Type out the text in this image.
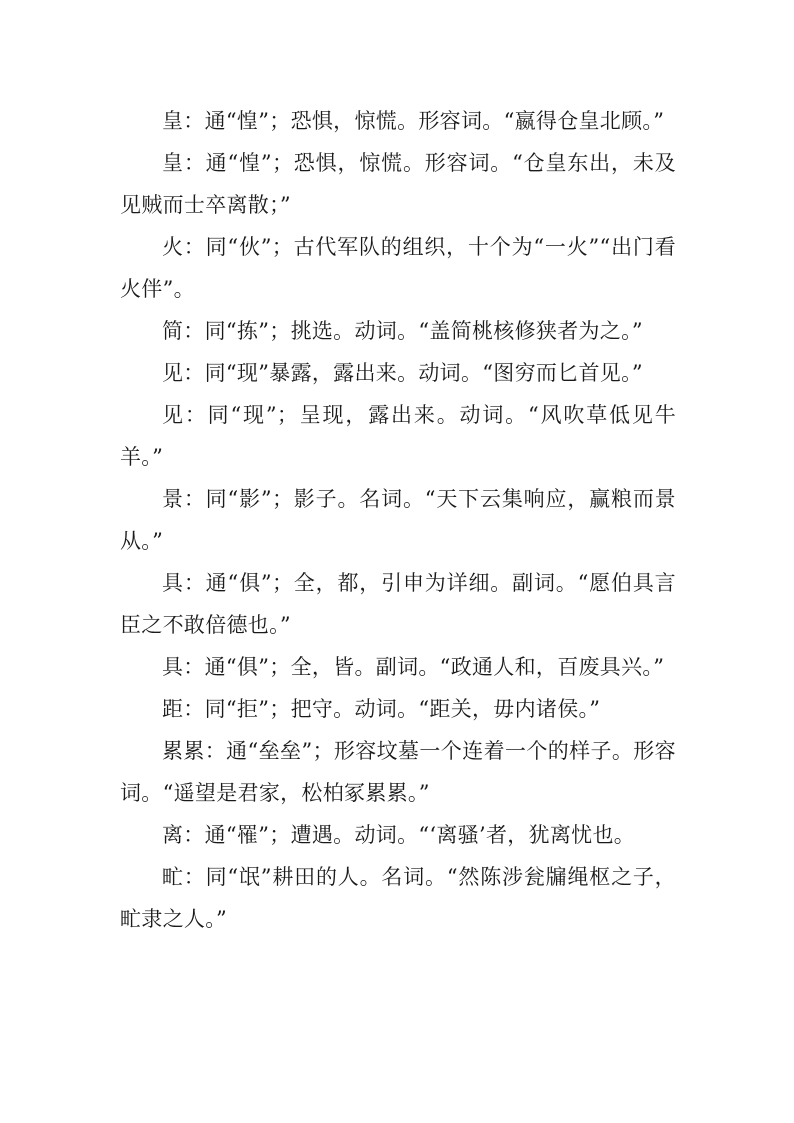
皇：通“惶”；恐惧，惊慌。形容词。“嬴得仓皇北顾。”

皇：通“惶”；恐惧，惊慌。形容词。“仓皇东出，未及见贼而士卒离散；”

火：同“伙”；古代军队的组织，十个为“一火”“出门看火伴”。

简：同“拣”；挑选。动词。“盖简桃核修狭者为之。”

见：同“现”暴露，露出来。动词。“图穷而匕首见。”

见：同“现”；呈现，露出来。动词。“风吹草低见牛羊。”

景：同“影”；影子。名词。“天下云集响应，赢粮而景从。”

具：通“俱”；全，都，引申为详细。副词。“愿伯具言臣之不敢倍德也。”

具：通“俱”；全，皆。副词。“政通人和，百废具兴。”

距：同“拒”；把守。动词。“距关，毋内诸侯。”

累累：通“垒垒”；形容坟墓一个连着一个的样子。形容词。“遥望是君家，松柏冢累累。”

离：通“罹”；遭遇。动词。“‘离骚’者，犹离忧也。

甿：同“氓”耕田的人。名词。“然陈涉瓮牖绳枢之子，甿隶之人。”
